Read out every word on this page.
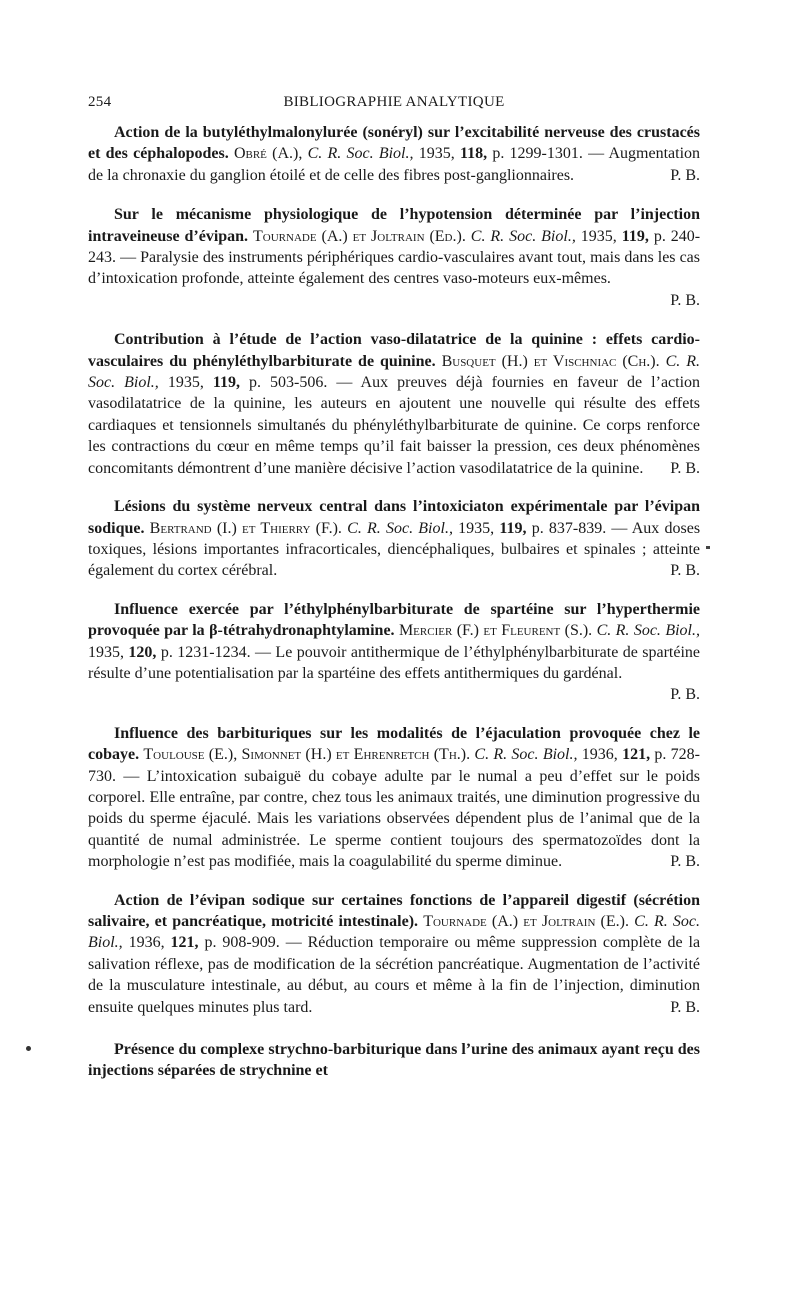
254	BIBLIOGRAPHIE ANALYTIQUE

Action de la butyléthylmalonylurée (sonéryl) sur l’excitabilité nerveuse des crustacés et des céphalopodes. Obré (A.), C. R. Soc. Biol., 1935, 118, p. 1299-1301. — Augmentation de la chronaxie du ganglion étoilé et de celle des fibres post-ganglionnaires.	P. B.

Sur le mécanisme physiologique de l’hypotension déterminée par l’injection intraveineuse d’évipan. Tournade (A.) et Joltrain (Ed.). C. R. Soc. Biol., 1935, 119, p. 240-243. — Paralysie des instruments périphériques cardio-vasculaires avant tout, mais dans les cas d’intoxication profonde, atteinte également des centres vaso-moteurs eux-mêmes.

P. B.

Contribution à l’étude de l’action vaso-dilatatrice de la quinine : effets cardio-vasculaires du phényléthylbarbiturate de quinine. Busquet (H.) et Vischniac (Ch.). C. R. Soc. Biol., 1935, 119, p. 503-506. — Aux preuves déjà fournies en faveur de l’action vasodilatatrice de la quinine, les auteurs en ajoutent une nouvelle qui résulte des effets cardiaques et tensionnels simultanés du phényléthylbarbiturate de quinine. Ce corps renforce les contractions du cœur en même temps qu’il fait baisser la pression, ces deux phénomènes concomitants démontrent d’une manière décisive l’action vasodilatatrice de la quinine.	P. B.

Lésions du système nerveux central dans l’intoxiciaton expérimentale par l’évipan sodique. Bertrand (I.) et Thierry (F.). C. R. Soc. Biol., 1935, 119, p. 837-839. — Aux doses toxiques, lésions importantes infracorticales, diencéphaliques, bulbaires et spinales ; atteinte également du cortex cérébral.	P. B.

Influence exercée par l’éthylphénylbarbiturate de spartéine sur l’hyperthermie provoquée par la β-tétrahydronaphtylamine. Mercier (F.) et Fleurent (S.). C. R. Soc. Biol., 1935, 120, p. 1231-1234. — Le pouvoir antithermique de l’éthylphénylbarbiturate de spartéine résulte d’une potentialisation par la spartéine des effets antithermiques du gardénal.

P. B.

Influence des barbituriques sur les modalités de l’éjaculation provoquée chez le cobaye. Toulouse (E.), Simonnet (H.) et Ehrenretch (Th.). C. R. Soc. Biol., 1936, 121, p. 728-730. — L’intoxication subaiguë du cobaye adulte par le numal a peu d’effet sur le poids corporel. Elle entraîne, par contre, chez tous les animaux traités, une diminution progressive du poids du sperme éjaculé. Mais les variations observées dépendent plus de l’animal que de la quantité de numal administrée. Le sperme contient toujours des spermatozoïdes dont la morphologie n’est pas modifiée, mais la coagulabilité du sperme diminue.	P. B.

Action de l’évipan sodique sur certaines fonctions de l’appareil digestif (sécrétion salivaire, et pancréatique, motricité intestinale). Tournade (A.) et Joltrain (E.). C. R. Soc. Biol., 1936, 121, p. 908-909. — Réduction temporaire ou même suppression complète de la salivation réflexe, pas de modification de la sécrétion pancréatique. Augmentation de l’activité de la musculature intestinale, au début, au cours et même à la fin de l’injection, diminution ensuite quelques minutes plus tard.	P. B.

Présence du complexe strychno-barbiturique dans l’urine des animaux ayant reçu des injections séparées de strychnine et
